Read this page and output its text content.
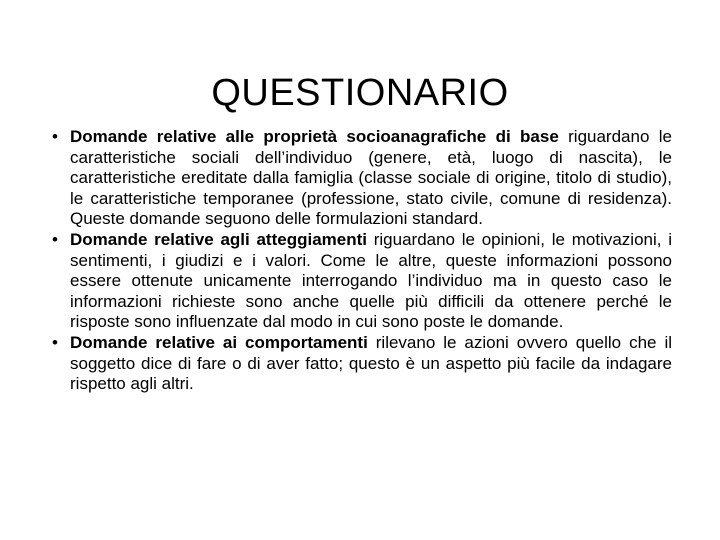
QUESTIONARIO
• Domande relative alle proprietà socioanagrafiche di base riguardano le caratteristiche sociali dell’individuo (genere, età, luogo di nascita), le caratteristiche ereditate dalla famiglia (classe sociale di origine, titolo di studio), le caratteristiche temporanee (professione, stato civile, comune di residenza). Queste domande seguono delle formulazioni standard.
• Domande relative agli atteggiamenti riguardano le opinioni, le motivazioni, i sentimenti, i giudizi e i valori. Come le altre, queste informazioni possono essere ottenute unicamente interrogando l’individuo ma in questo caso le informazioni richieste sono anche quelle più difficili da ottenere perché le risposte sono influenzate dal modo in cui sono poste le domande.
• Domande relative ai comportamenti rilevano le azioni ovvero quello che il soggetto dice di fare o di aver fatto; questo è un aspetto più facile da indagare rispetto agli altri.
